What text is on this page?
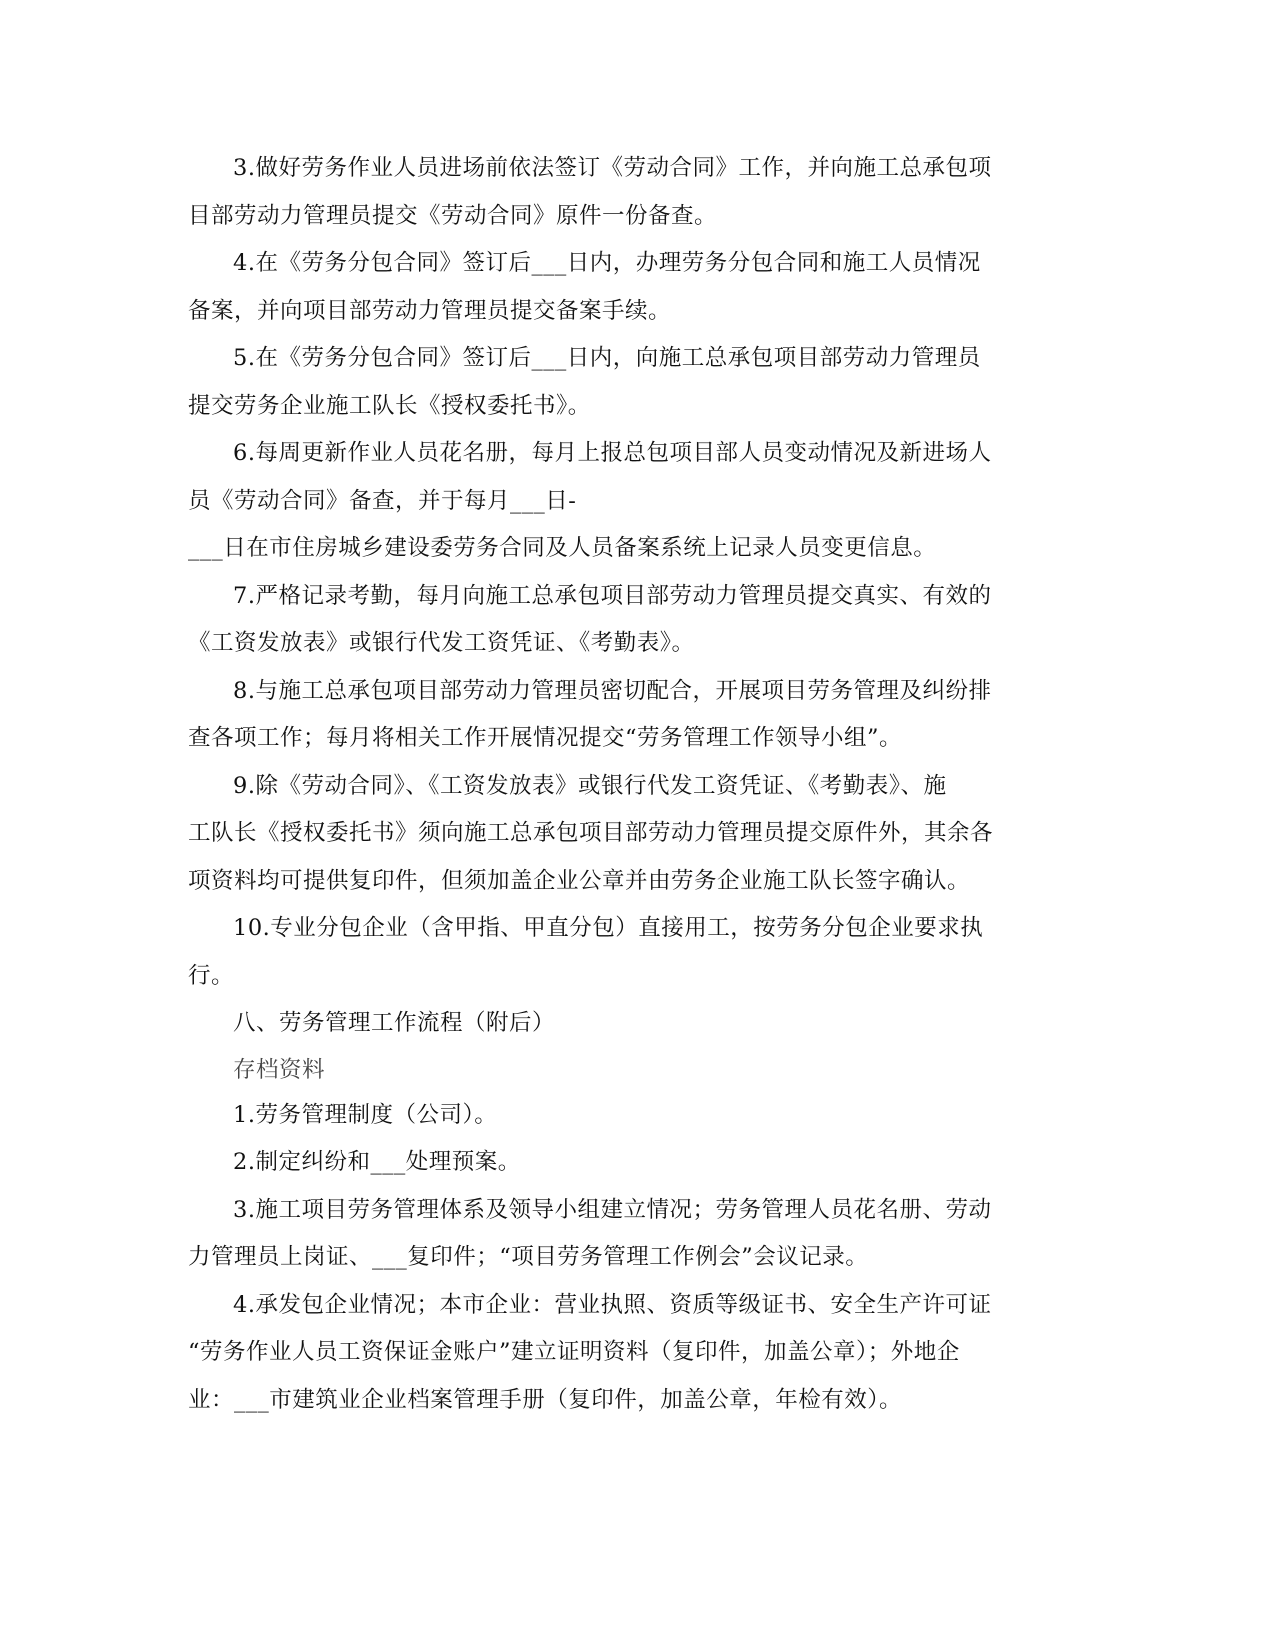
3.做好劳务作业人员进场前依法签订《劳动合同》工作，并向施工总承包项
目部劳动力管理员提交《劳动合同》原件一份备查。

4.在《劳务分包合同》签订后___日内，办理劳务分包合同和施工人员情况
备案，并向项目部劳动力管理员提交备案手续。

5.在《劳务分包合同》签订后___日内，向施工总承包项目部劳动力管理员
提交劳务企业施工队长《授权委托书》。

6.每周更新作业人员花名册，每月上报总包项目部人员变动情况及新进场人
员《劳动合同》备查，并于每月___日-
___日在市住房城乡建设委劳务合同及人员备案系统上记录人员变更信息。

7.严格记录考勤，每月向施工总承包项目部劳动力管理员提交真实、有效的
《工资发放表》或银行代发工资凭证、《考勤表》。

8.与施工总承包项目部劳动力管理员密切配合，开展项目劳务管理及纠纷排
查各项工作；每月将相关工作开展情况提交“劳务管理工作领导小组”。

9.除《劳动合同》、《工资发放表》或银行代发工资凭证、《考勤表》、施
工队长《授权委托书》须向施工总承包项目部劳动力管理员提交原件外，其余各
项资料均可提供复印件，但须加盖企业公章并由劳务企业施工队长签字确认。

10.专业分包企业（含甲指、甲直分包）直接用工，按劳务分包企业要求执
行。

八、劳务管理工作流程（附后）

存档资料

1.劳务管理制度（公司）。

2.制定纠纷和___处理预案。

3.施工项目劳务管理体系及领导小组建立情况；劳务管理人员花名册、劳动
力管理员上岗证、___复印件；“项目劳务管理工作例会”会议记录。

4.承发包企业情况；本市企业：营业执照、资质等级证书、安全生产许可证
“劳务作业人员工资保证金账户”建立证明资料（复印件，加盖公章）；外地企
业：___市建筑业企业档案管理手册（复印件，加盖公章，年检有效）。
